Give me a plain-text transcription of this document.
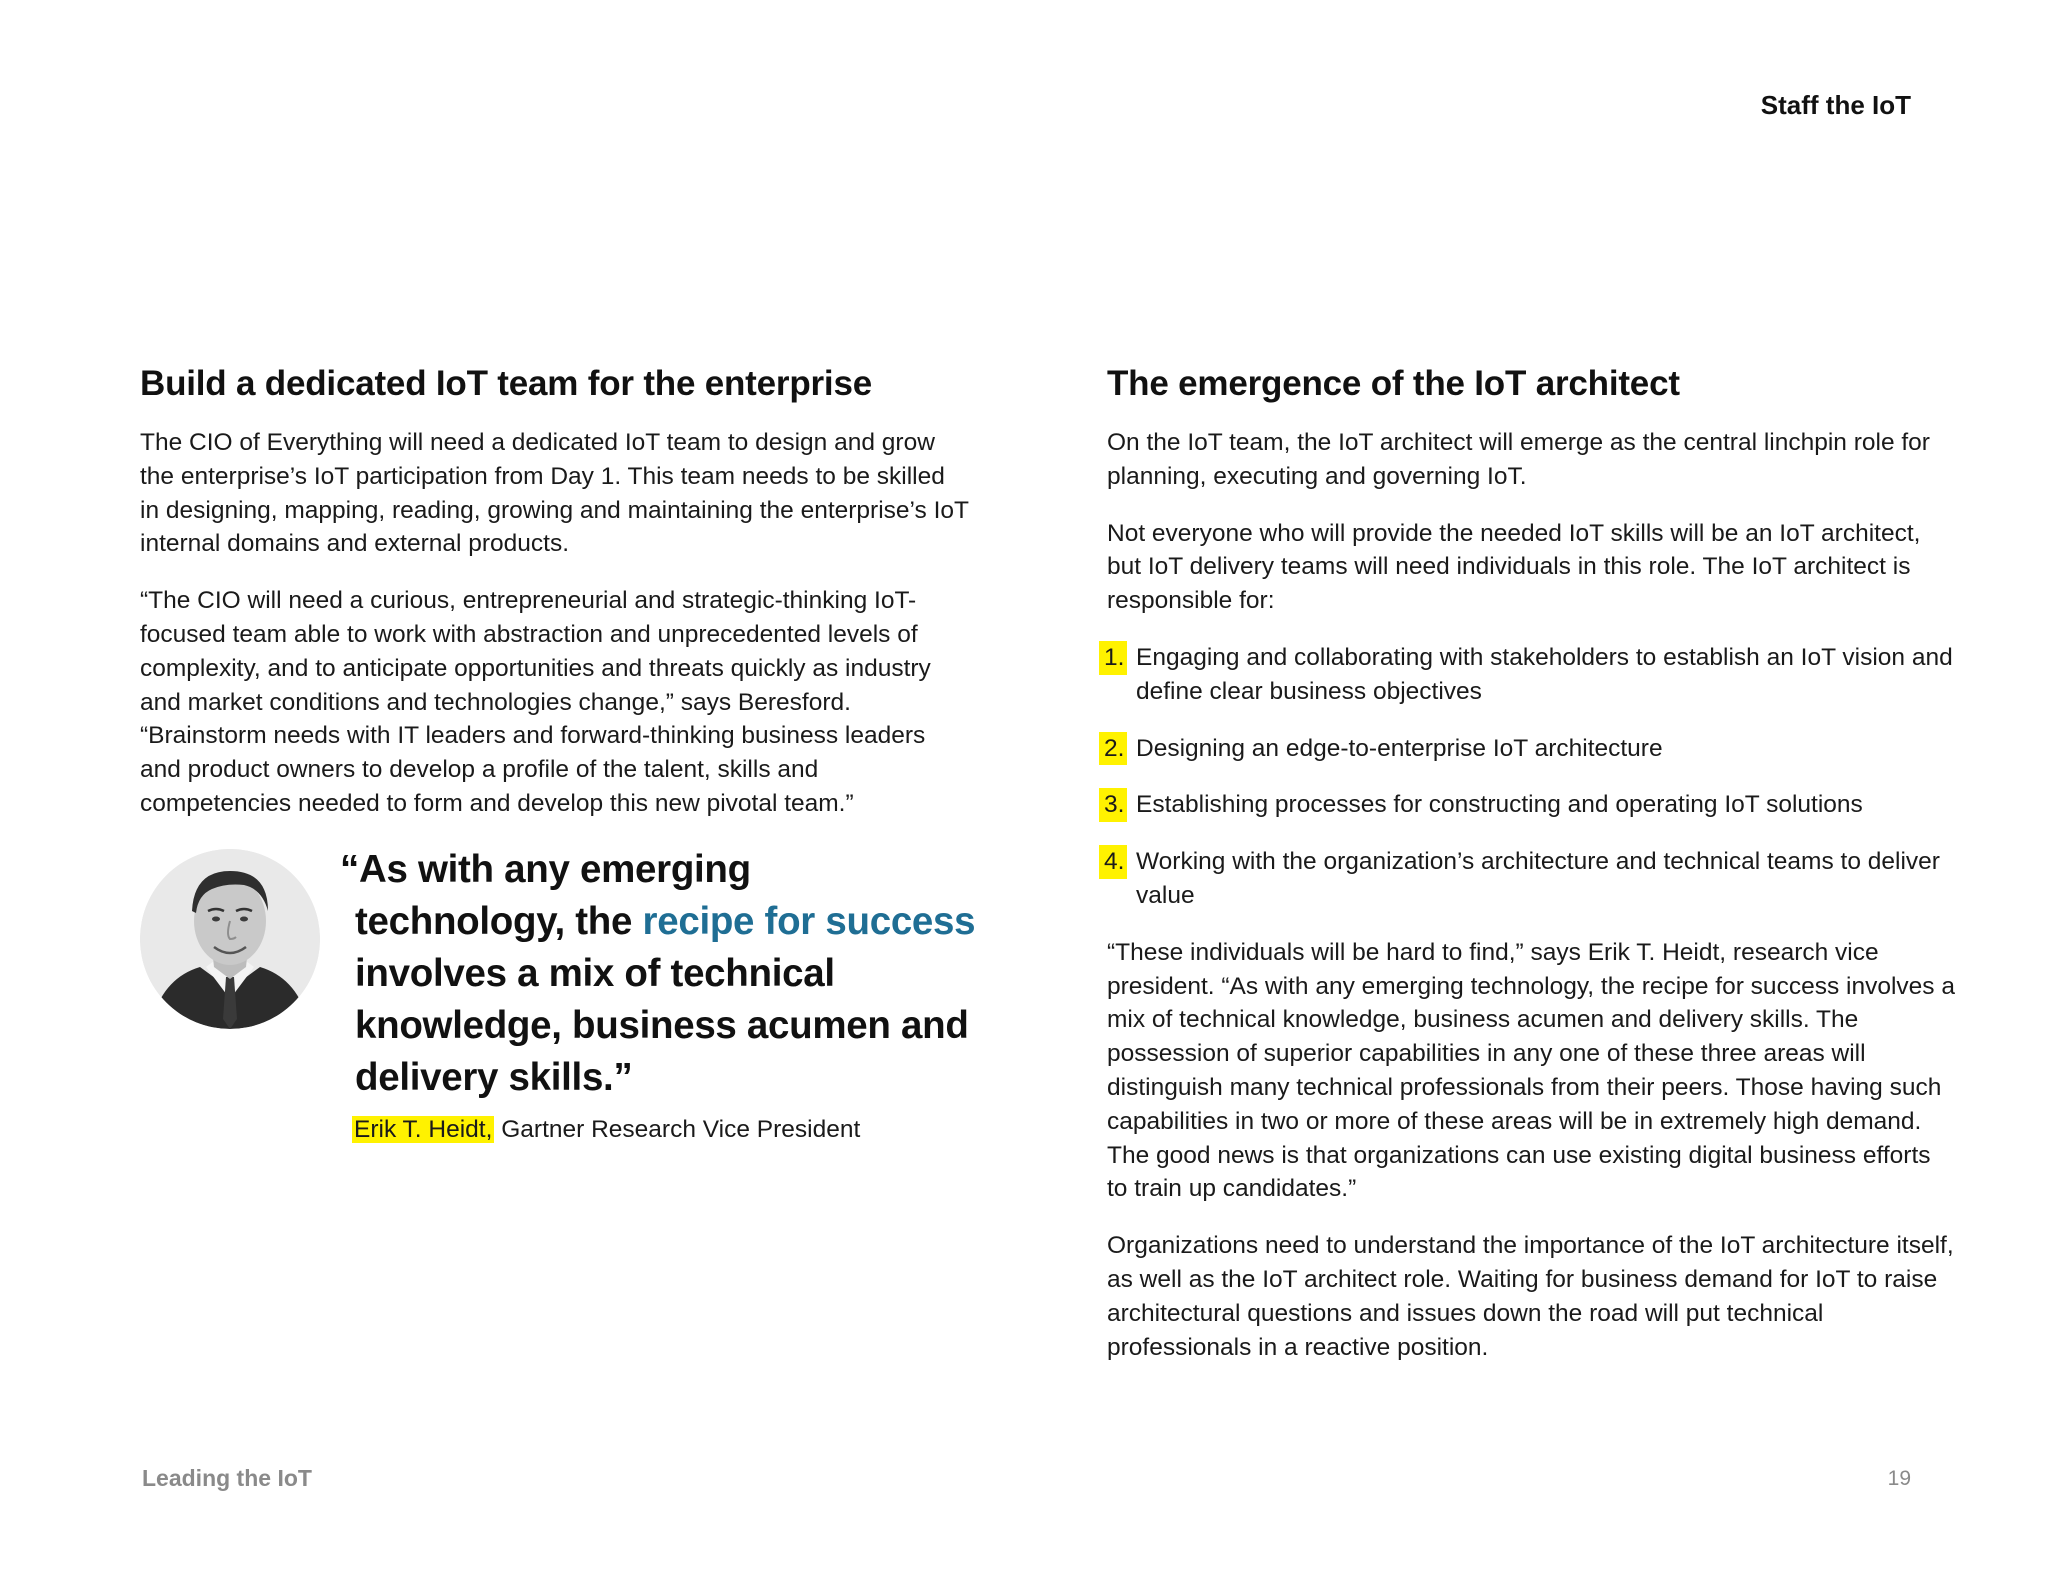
Staff the IoT
Build a dedicated IoT team for the enterprise

The CIO of Everything will need a dedicated IoT team to design and grow the enterprise’s IoT participation from Day 1. This team needs to be skilled in designing, mapping, reading, growing and maintaining the enterprise’s IoT internal domains and external products.

“The CIO will need a curious, entrepreneurial and strategic-thinking IoT-focused team able to work with abstraction and unprecedented levels of complexity, and to anticipate opportunities and threats quickly as industry and market conditions and technologies change,” says Beresford. “Brainstorm needs with IT leaders and forward-thinking business leaders and product owners to develop a profile of the talent, skills and competencies needed to form and develop this new pivotal team.”

“As with any emerging
technology, the recipe for success involves a mix of technical knowledge, business acumen and delivery skills.”
Erik T. Heidt, Gartner Research Vice President
The emergence of the IoT architect

On the IoT team, the IoT architect will emerge as the central linchpin role for planning, executing and governing IoT.

Not everyone who will provide the needed IoT skills will be an IoT architect, but IoT delivery teams will need individuals in this role. The IoT architect is responsible for:

1. Engaging and collaborating with stakeholders to establish an IoT vision and define clear business objectives
2. Designing an edge-to-enterprise IoT architecture
3. Establishing processes for constructing and operating IoT solutions
4. Working with the organization’s architecture and technical teams to deliver value

“These individuals will be hard to find,” says Erik T. Heidt, research vice president. “As with any emerging technology, the recipe for success involves a mix of technical knowledge, business acumen and delivery skills. The possession of superior capabilities in any one of these three areas will distinguish many technical professionals from their peers. Those having such capabilities in two or more of these areas will be in extremely high demand. The good news is that organizations can use existing digital business efforts to train up candidates.”

Organizations need to understand the importance of the IoT architecture itself, as well as the IoT architect role. Waiting for business demand for IoT to raise architectural questions and issues down the road will put technical professionals in a reactive position.

Leading the IoT	19
